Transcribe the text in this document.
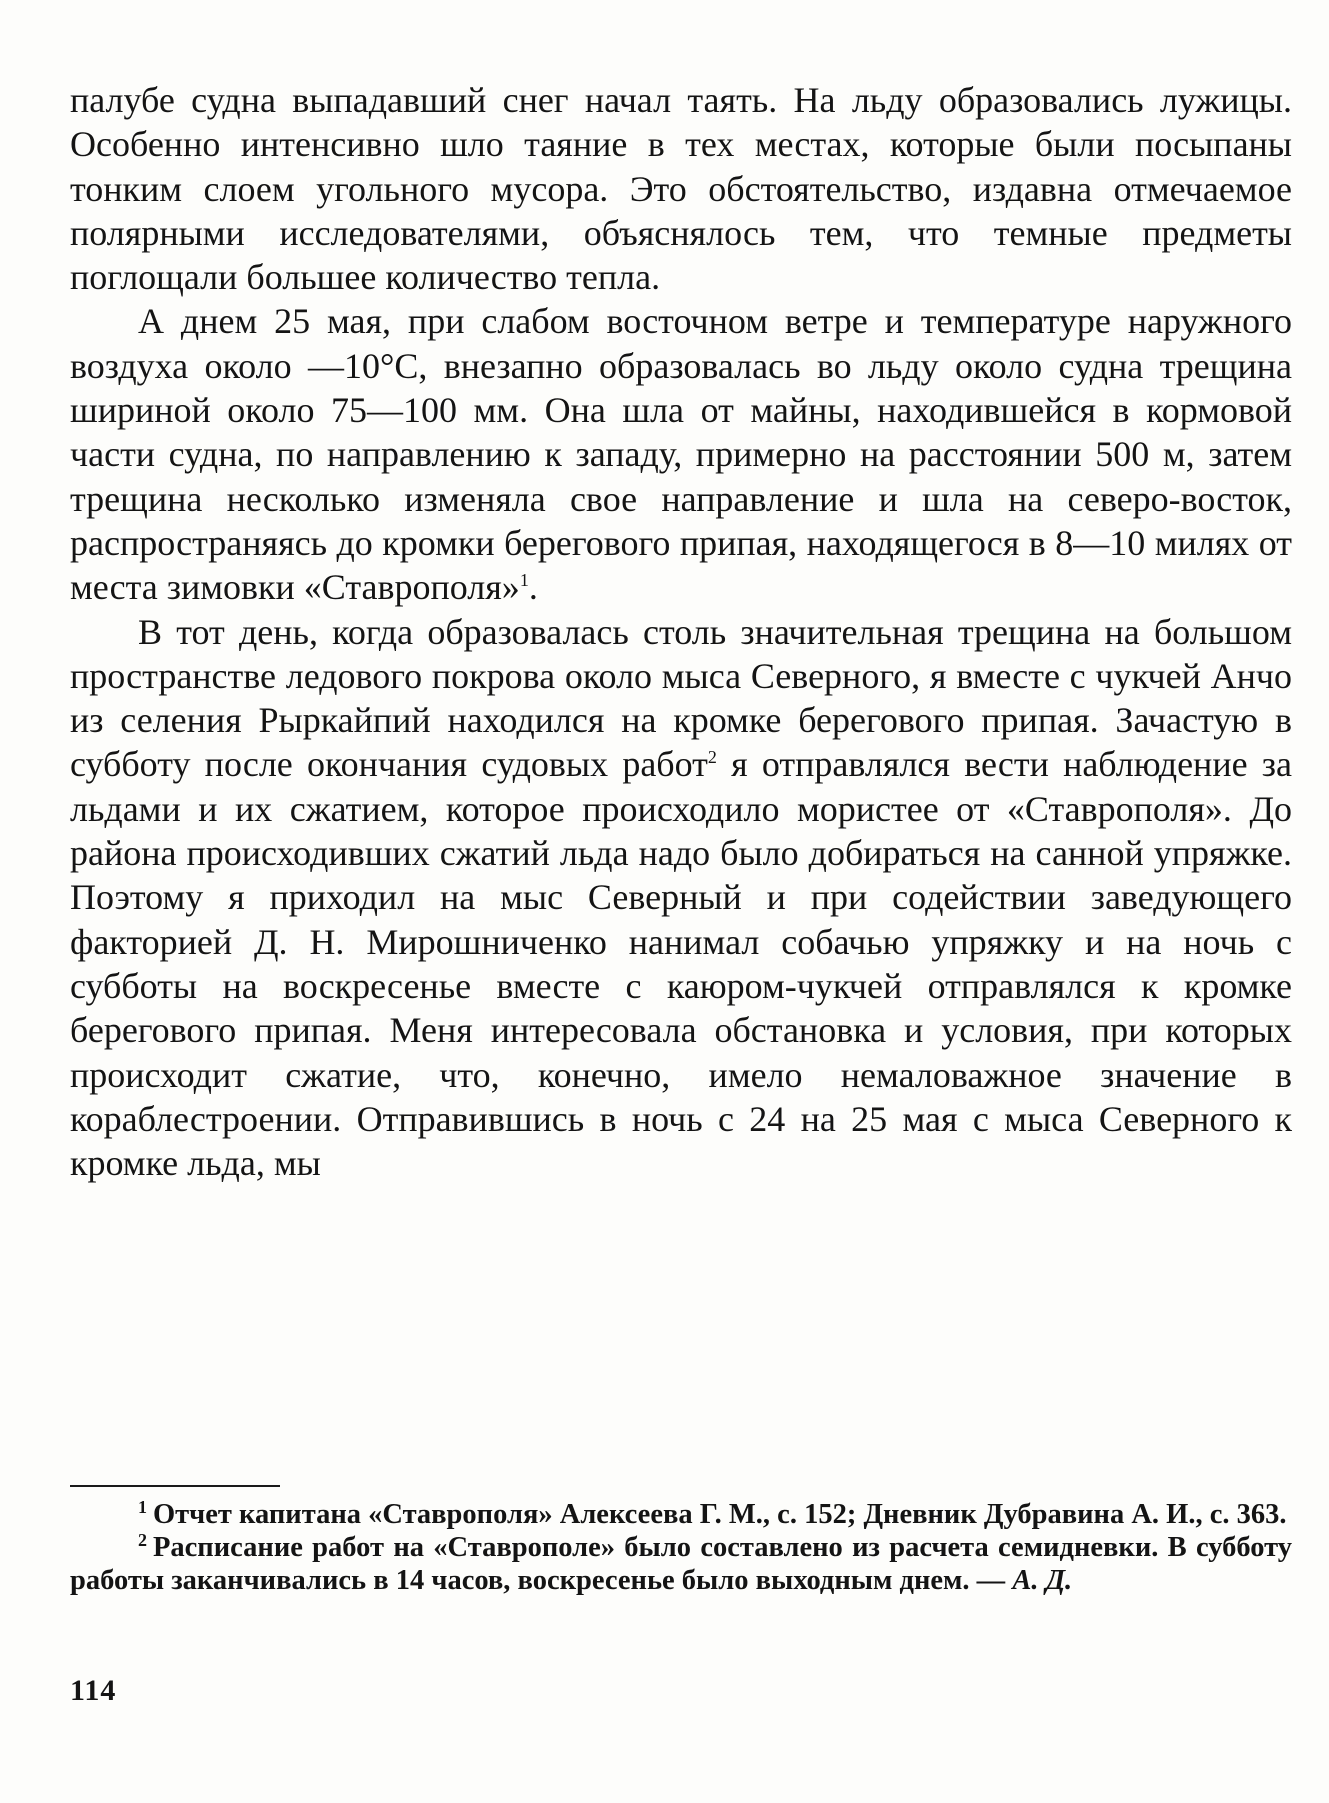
палубе судна выпадавший снег начал таять. На льду образовались лужицы. Особенно интенсивно шло таяние в тех местах, которые были посыпаны тонким слоем угольного мусора. Это обстоятельство, издавна отмечаемое полярными исследователями, объяснялось тем, что темные предметы поглощали большее количество тепла.

А днем 25 мая, при слабом восточном ветре и температуре наружного воздуха около —10°С, внезапно образовалась во льду около судна трещина шириной около 75—100 мм. Она шла от майны, находившейся в кормовой части судна, по направлению к западу, примерно на расстоянии 500 м, затем трещина несколько изменяла свое направление и шла на северо-восток, распространяясь до кромки берегового припая, находящегося в 8—10 милях от места зимовки «Ставрополя»$^1$.

В тот день, когда образовалась столь значительная трещина на большом пространстве ледового покрова около мыса Северного, я вместе с чукчей Анчо из селения Рыркайпий находился на кромке берегового припая. Зачастую в субботу после окончания судовых работ$^2$ я отправлялся вести наблюдение за льдами и их сжатием, которое происходило мористее от «Ставрополя». До района происходивших сжатий льда надо было добираться на санной упряжке. Поэтому я приходил на мыс Северный и при содействии заведующего факторией Д. Н. Мирошниченко нанимал собачью упряжку и на ночь с субботы на воскресенье вместе с каюром-чукчей отправлялся к кромке берегового припая. Меня интересовала обстановка и условия, при которых происходит сжатие, что, конечно, имело немаловажное значение в кораблестроении. Отправившись в ночь с 24 на 25 мая с мыса Северного к кромке льда, мы

$^1$ Отчет капитана «Ставрополя» Алексеева Г. М., с. 152; Дневник Дубравина А. И., с. 363.

$^2$ Расписание работ на «Ставрополе» было составлено из расчета семидневки. В субботу работы заканчивались в 14 часов, воскресенье было выходным днем. — А. Д.

114
